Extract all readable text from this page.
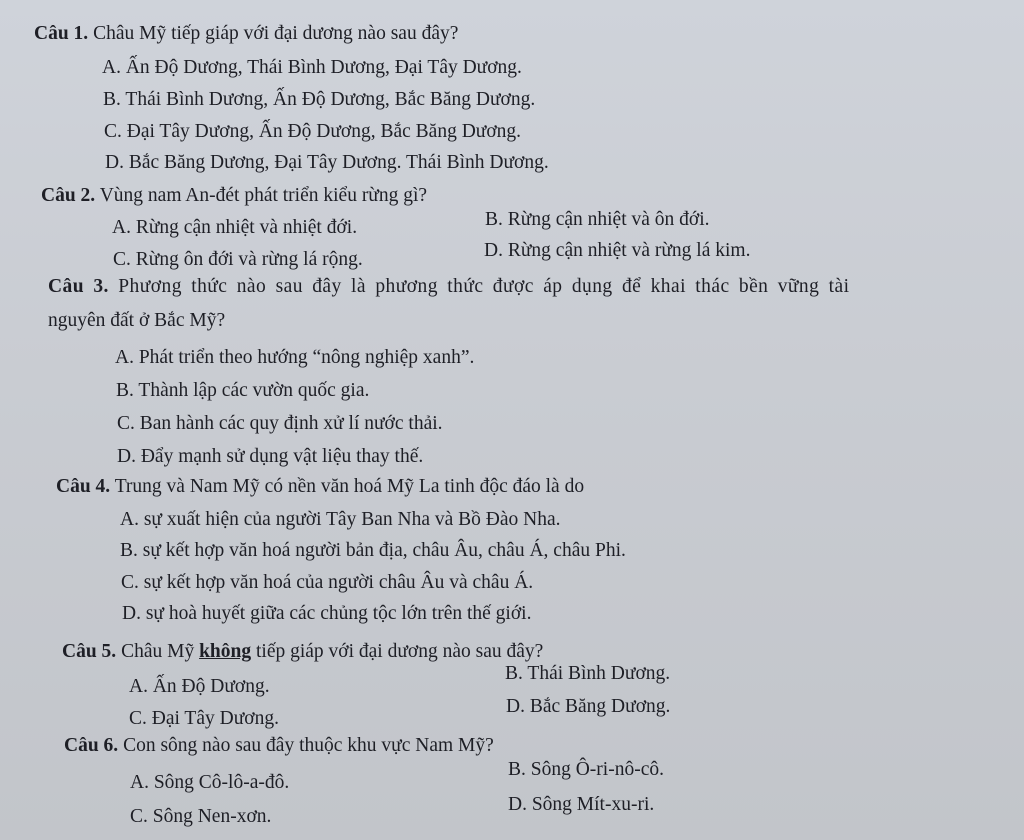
Câu 1. Châu Mỹ tiếp giáp với đại dương nào sau đây?
A. Ấn Độ Dương, Thái Bình Dương, Đại Tây Dương.
B. Thái Bình Dương, Ấn Độ Dương, Bắc Băng Dương.
C. Đại Tây Dương, Ấn Độ Dương, Bắc Băng Dương.
D. Bắc Băng Dương, Đại Tây Dương. Thái Bình Dương.
Câu 2. Vùng nam An-đét phát triển kiểu rừng gì?
A. Rừng cận nhiệt và nhiệt đới.	B. Rừng cận nhiệt và ôn đới.
C. Rừng ôn đới và rừng lá rộng.	D. Rừng cận nhiệt và rừng lá kim.
Câu 3. Phương thức nào sau đây là phương thức được áp dụng để khai thác bền vững tài
nguyên đất ở Bắc Mỹ?
A. Phát triển theo hướng “nông nghiệp xanh”.
B. Thành lập các vườn quốc gia.
C. Ban hành các quy định xử lí nước thải.
D. Đẩy mạnh sử dụng vật liệu thay thế.
Câu 4. Trung và Nam Mỹ có nền văn hoá Mỹ La tinh độc đáo là do
A. sự xuất hiện của người Tây Ban Nha và Bồ Đào Nha.
B. sự kết hợp văn hoá người bản địa, châu Âu, châu Á, châu Phi.
C. sự kết hợp văn hoá của người châu Âu và châu Á.
D. sự hoà huyết giữa các chủng tộc lớn trên thế giới.
Câu 5. Châu Mỹ không tiếp giáp với đại dương nào sau đây?
A. Ấn Độ Dương.
B. Thái Bình Dương.
C. Đại Tây Dương.
D. Bắc Băng Dương.
Câu 6. Con sông nào sau đây thuộc khu vực Nam Mỹ?
A. Sông Cô-lô-a-đô.
B. Sông Ô-ri-nô-cô.
C. Sông Nen-xơn.
D. Sông Mít-xu-ri.
